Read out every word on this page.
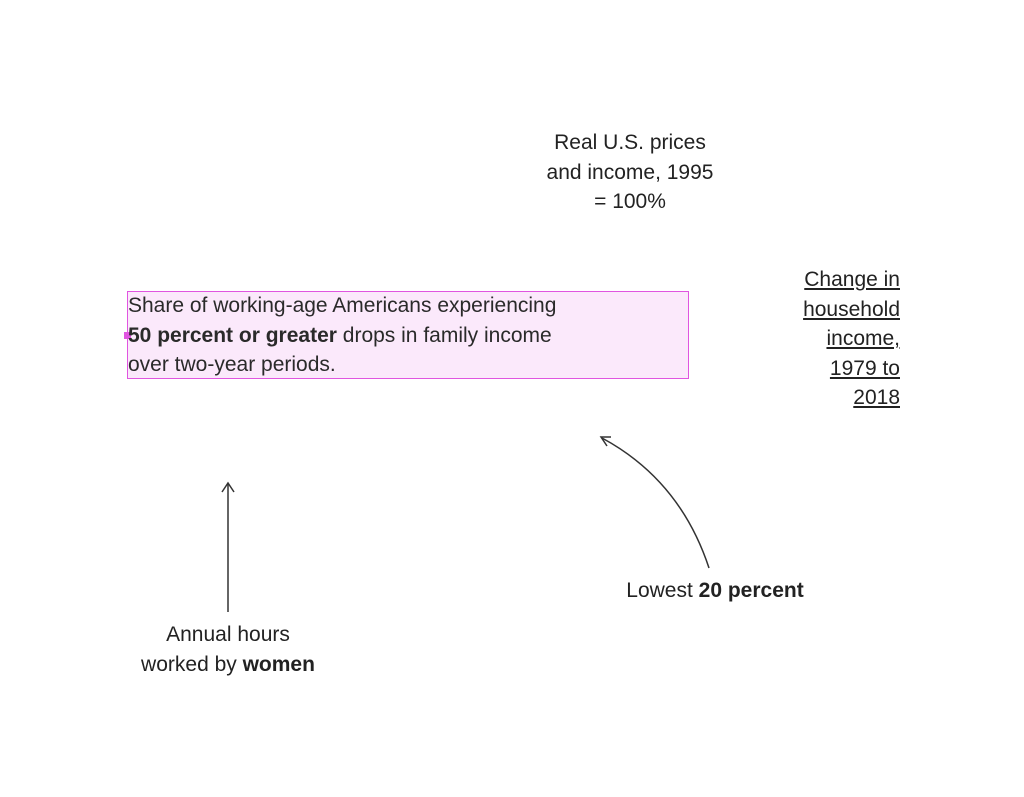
Real U.S. prices
and income, 1995
= 100%
Change in
household
income,
1979 to
2018
Share of working-age Americans experiencing
50 percent or greater drops in family income
over two-year periods.
Lowest 20 percent
Annual hours
worked by women
